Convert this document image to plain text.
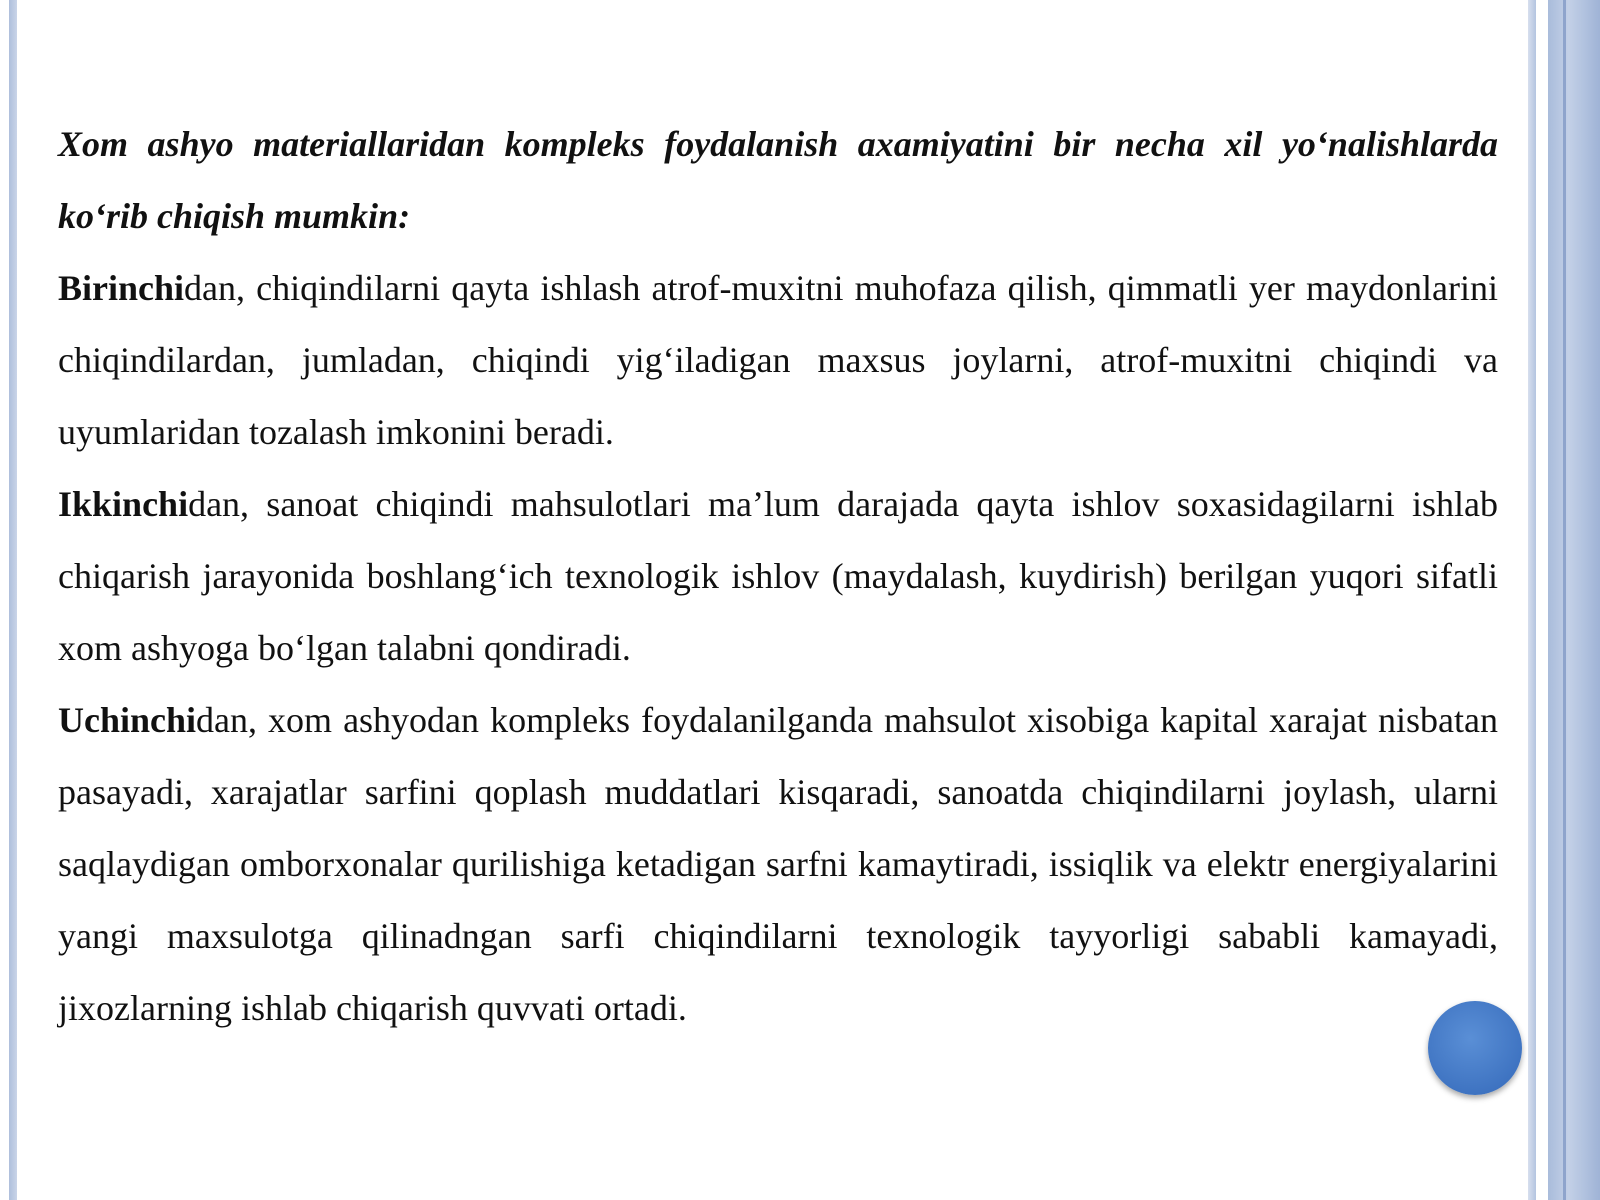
Xom ashyo materiallaridan kompleks foydalanish axamiyatini bir necha xil yo‘nalishlarda ko‘rib chiqish mumkin:

Birinchidan, chiqindilarni qayta ishlash atrof-muxitni muhofaza qilish, qimmatli yer maydonlarini chiqindilardan, jumladan, chiqindi yig‘iladigan maxsus joylarni, atrof-muxitni chiqindi va uyumlaridan tozalash imkonini beradi.

Ikkinchidan, sanoat chiqindi mahsulotlari ma’lum darajada qayta ishlov soxasidagilarni ishlab chiqarish jarayonida boshlang‘ich texnologik ishlov (maydalash, kuydirish) berilgan yuqori sifatli xom ashyoga bo‘lgan talabni qondiradi.

Uchinchidan, xom ashyodan kompleks foydalanilganda mahsulot xisobiga kapital xarajat nisbatan pasayadi, xarajatlar sarfini qoplash muddatlari kisqaradi, sanoatda chiqindilarni joylash, ularni saqlaydigan omborxonalar qurilishiga ketadigan sarfni kamaytiradi, issiqlik va elektr energiyalarini yangi maxsulotga qilinadngan sarfi chiqindilarni texnologik tayyorligi sababli kamayadi, jixozlarning ishlab chiqarish quvvati ortadi.
